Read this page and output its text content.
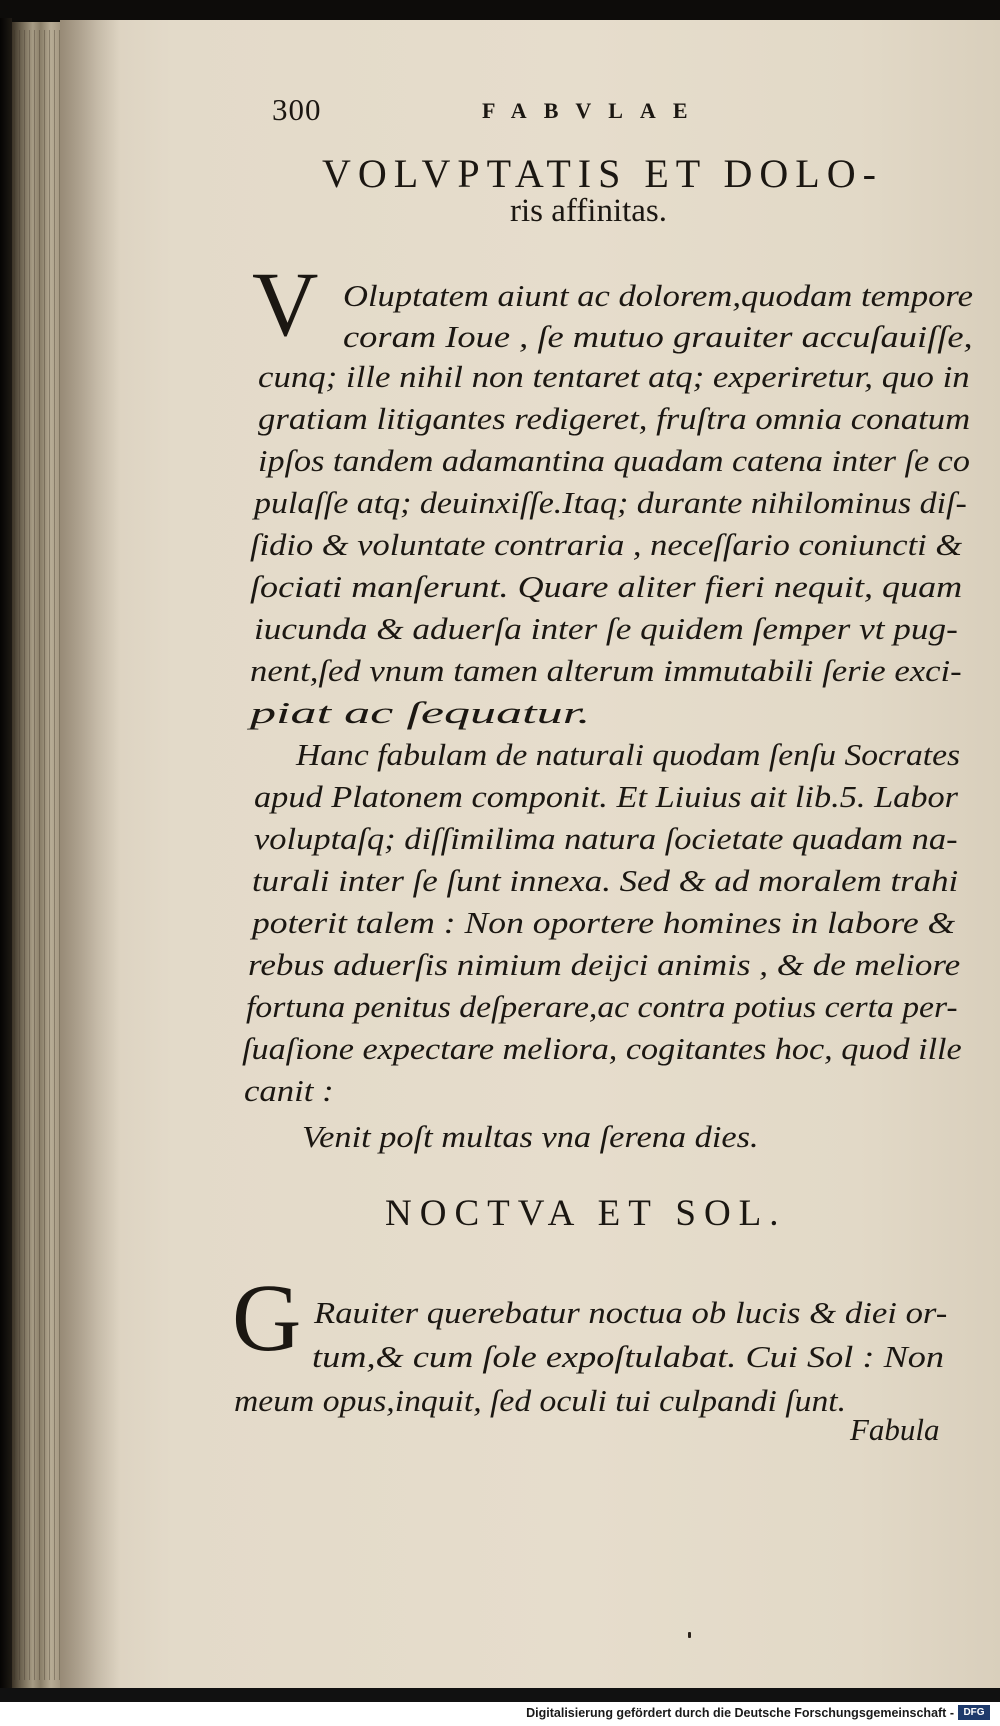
300	FABVLAE
VOLVPTATIS ET DOLO-
ris affinitas.
V Oluptatem aiunt ac dolorem,quodam tempore
coram Ioue , ſe mutuo grauiter accuſauiſſe,
cunq; ille nihil non tentaret atq; experiretur, quo in
gratiam litigantes redigeret, fruſtra omnia conatum
ipſos tandem adamantina quadam catena inter ſe co
pulaſſe atq; deuinxiſſe.Itaq; durante nihilominus diſ-
ſidio & voluntate contraria , neceſſario coniuncti &
ſociati manſerunt. Quare aliter fieri nequit, quam
iucunda & aduerſa inter ſe quidem ſemper vt pug-
nent,ſed vnum tamen alterum immutabili ſerie exci-
piat ac ſequatur.
Hanc fabulam de naturali quodam ſenſu Socrates
apud Platonem componit. Et Liuius ait lib.5. Labor
voluptaſq; diſſimilima natura ſocietate quadam na-
turali inter ſe ſunt innexa. Sed & ad moralem trahi
poterit talem : Non oportere homines in labore &
rebus aduerſis nimium deijci animis , & de meliore
fortuna penitus deſperare,ac contra potius certa per-
ſuaſione expectare meliora, cogitantes hoc, quod ille
canit :
Venit poſt multas vna ſerena dies.
NOCTVA ET SOL.
G Rauiter querebatur noctua ob lucis & diei or-
tum,& cum ſole expoſtulabat. Cui Sol : Non
meum opus,inquit, ſed oculi tui culpandi ſunt.
Fabula
Digitalisierung gefördert durch die Deutsche Forschungsgemeinschaft - DFG
